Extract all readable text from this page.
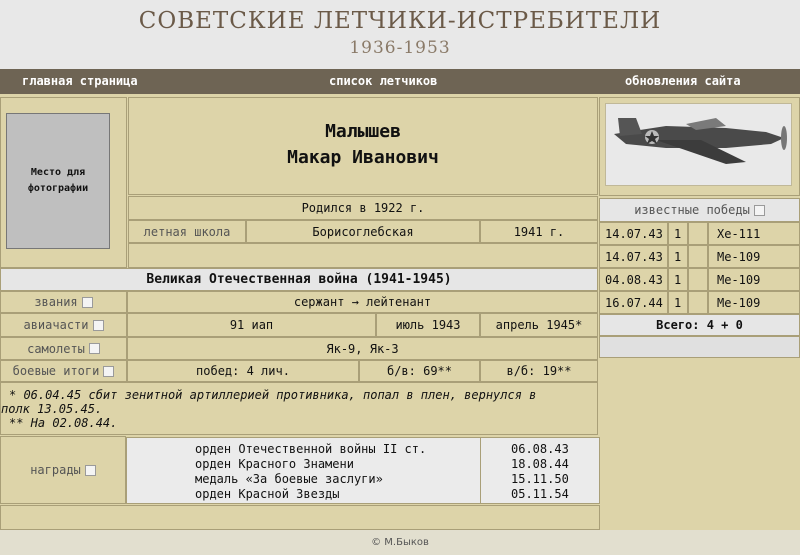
СОВЕТСКИЕ ЛЕТЧИКИ-ИСТРЕБИТЕЛИ
1936-1953
главная страница	список летчиков	обновления сайта
Место для
фотографии
Малышев
Макар Иванович
Родился в 1922 г.
летная школа	Борисоглебская	1941 г.
Великая Отечественная война (1941-1945)
звания	сержант → лейтенант
авиачасти	91 иап	июль 1943	апрель 1945*
самолеты	Як-9, Як-3
боевые итоги	побед: 4 лич.	б/в: 69**	в/б: 19**
* 06.04.45 сбит зенитной артиллерией противника, попал в плен, вернулся в
полк 13.05.45.
** На 02.08.44.
награды
орден Отечественной войны II ст.	06.08.43
орден Красного Знамени	18.08.44
медаль «За боевые заслуги»	15.11.50
орден Красной Звезды	05.11.54
известные победы
14.07.43 1	Хе-111
14.07.43 1	Me-109
04.08.43 1	Me-109
16.07.44 1	Me-109
Всего: 4 + 0
© М.Быков
